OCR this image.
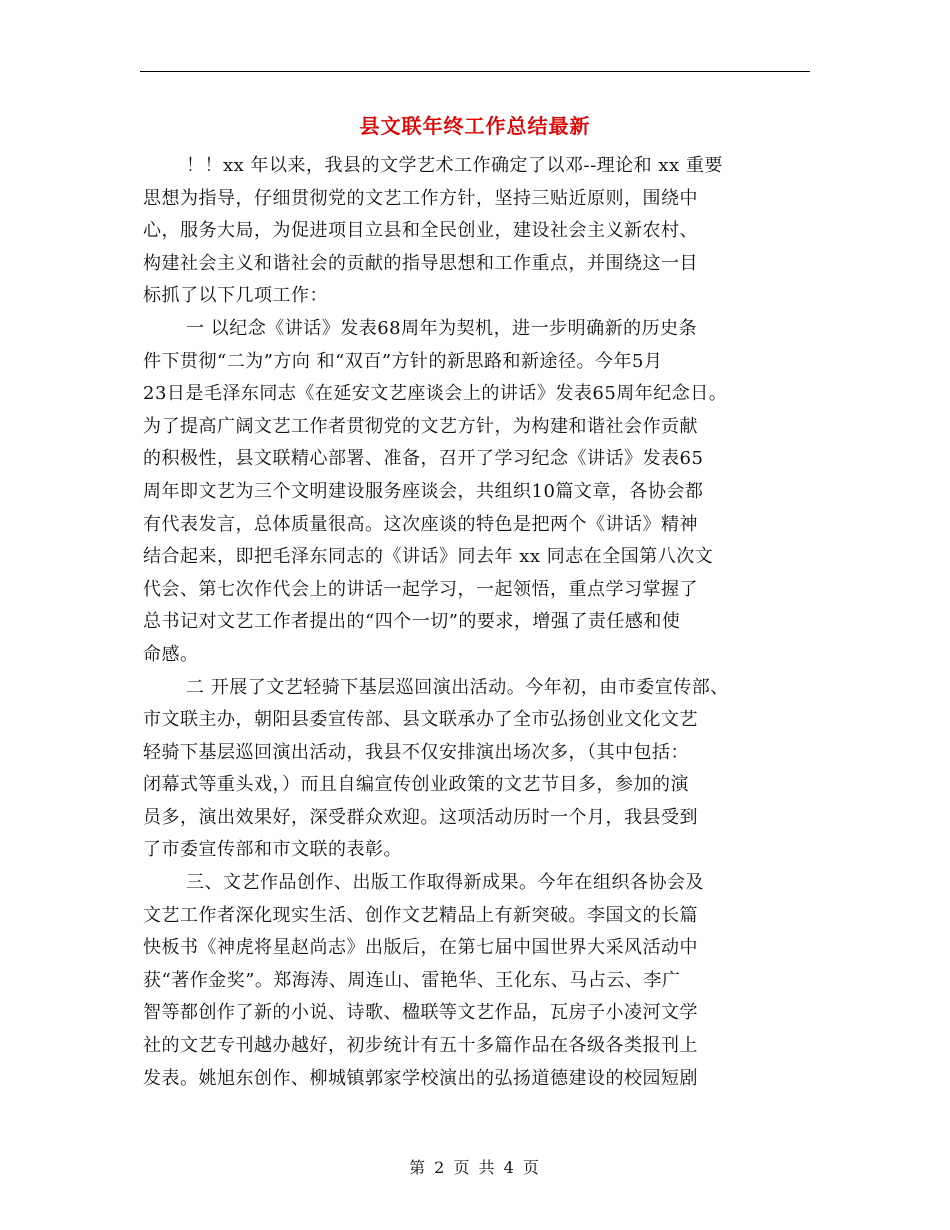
县文联年终工作总结最新
！！xx 年以来，我县的文学艺术工作确定了以邓--理论和 xx 重要
思想为指导，仔细贯彻党的文艺工作方针，坚持三贴近原则，围绕中
心，服务大局，为促进项目立县和全民创业，建设社会主义新农村、
构建社会主义和谐社会的贡献的指导思想和工作重点，并围绕这一目
标抓了以下几项工作：
一 以纪念《讲话》发表68周年为契机，进一步明确新的历史条
件下贯彻“二为”方向 和“双百”方针的新思路和新途径。今年5月
23日是毛泽东同志《在延安文艺座谈会上的讲话》发表65周年纪念日。
为了提高广阔文艺工作者贯彻党的文艺方针，为构建和谐社会作贡献
的积极性，县文联精心部署、准备，召开了学习纪念《讲话》发表65
周年即文艺为三个文明建设服务座谈会，共组织10篇文章，各协会都
有代表发言，总体质量很高。这次座谈的特色是把两个《讲话》精神
结合起来，即把毛泽东同志的《讲话》同去年 xx 同志在全国第八次文
代会、第七次作代会上的讲话一起学习，一起领悟，重点学习掌握了
总书记对文艺工作者提出的“四个一切”的要求，增强了责任感和使
命感。
二 开展了文艺轻骑下基层巡回演出活动。今年初，由市委宣传部、
市文联主办，朝阳县委宣传部、县文联承办了全市弘扬创业文化文艺
轻骑下基层巡回演出活动，我县不仅安排演出场次多，（其中包括：
闭幕式等重头戏，）而且自编宣传创业政策的文艺节目多，参加的演
员多，演出效果好，深受群众欢迎。这项活动历时一个月，我县受到
了市委宣传部和市文联的表彰。
三、文艺作品创作、出版工作取得新成果。今年在组织各协会及
文艺工作者深化现实生活、创作文艺精品上有新突破。李国文的长篇
快板书《神虎将星赵尚志》出版后，在第七届中国世界大采风活动中
获“著作金奖”。郑海涛、周连山、雷艳华、王化东、马占云、李广
智等都创作了新的小说、诗歌、楹联等文艺作品，瓦房子小凌河文学
社的文艺专刊越办越好，初步统计有五十多篇作品在各级各类报刊上
发表。姚旭东创作、柳城镇郭家学校演出的弘扬道德建设的校园短剧
第 2 页 共 4 页
